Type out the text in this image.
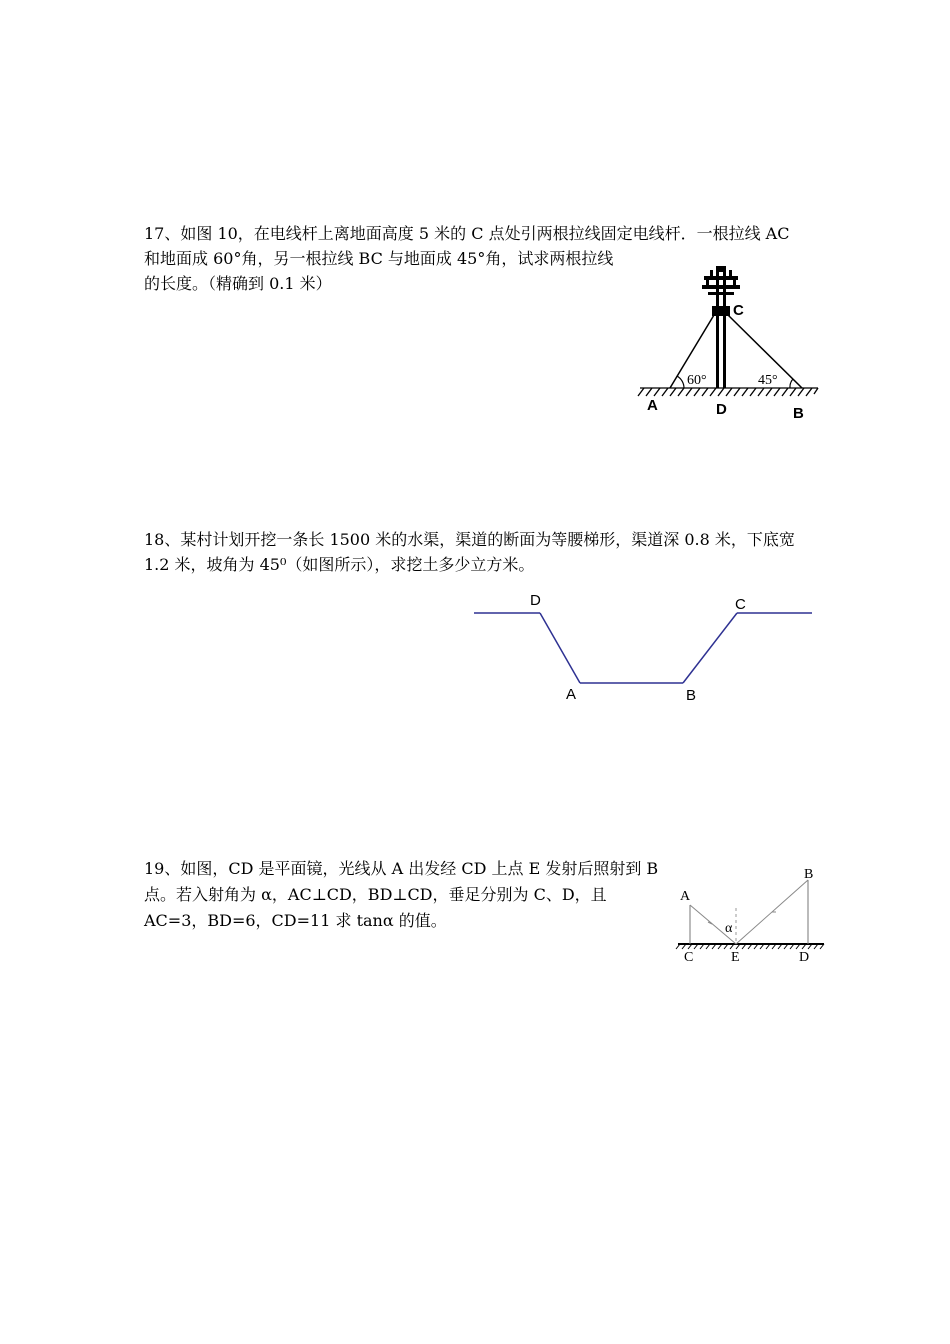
17、如图 10，在电线杆上离地面高度 5 米的 C 点处引两根拉线固定电线杆．一根拉线 AC
和地面成 60°角，另一根拉线 BC 与地面成 45°角，试求两根拉线
的长度。（精确到 0.1 米）
C
A	D	B
60°	45°
18、某村计划开挖一条长 1500 米的水渠，渠道的断面为等腰梯形，渠道深 0.8 米，下底宽
1.2 米，坡角为 45⁰（如图所示），求挖土多少立方米。
D	C
A	B
19、如图，CD 是平面镜，光线从 A 出发经 CD 上点 E 发射后照射到 B
点。若入射角为 α，AC⊥CD，BD⊥CD，垂足分别为 C、D，且
AC=3，BD=6，CD=11 求 tanα 的值。
A
B
C	E	D
α
